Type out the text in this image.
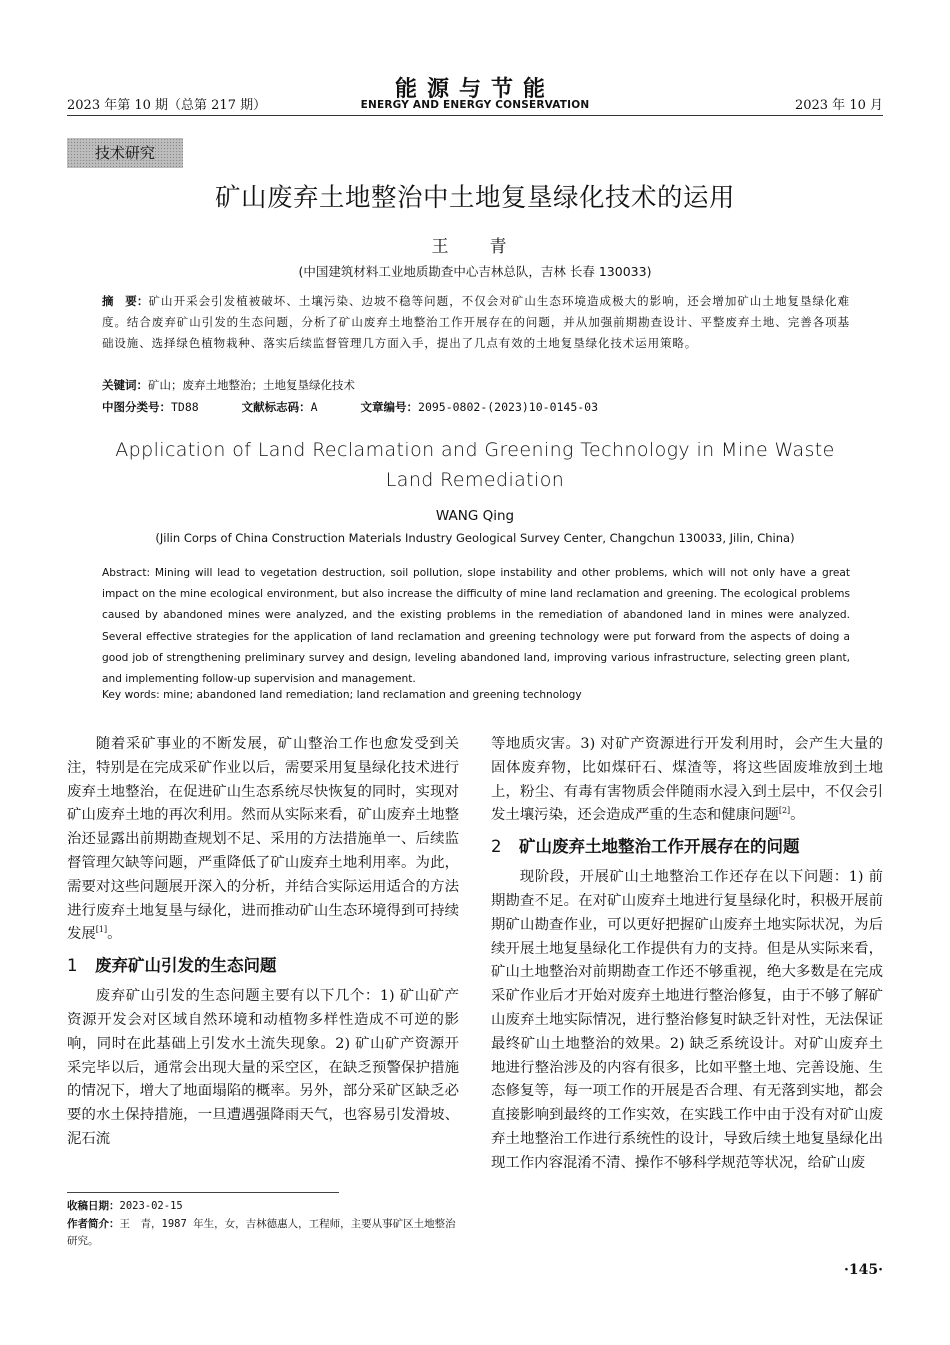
2023 年第 10 期（总第 217 期）
能源与节能
ENERGY AND ENERGY CONSERVATION	2023 年 10 月
技术研究
矿山废弃土地整治中土地复垦绿化技术的运用
王　青
(中国建筑材料工业地质勘查中心吉林总队，吉林 长春 130033)
摘　要：矿山开采会引发植被破坏、土壤污染、边坡不稳等问题，不仅会对矿山生态环境造成极大的影响，还会增加矿山土地复垦绿化难度。结合废弃矿山引发的生态问题，分析了矿山废弃土地整治工作开展存在的问题，并从加强前期勘查设计、平整废弃土地、完善各项基础设施、选择绿色植物栽种、落实后续监督管理几方面入手，提出了几点有效的土地复垦绿化技术运用策略。
关键词：矿山；废弃土地整治；土地复垦绿化技术
中图分类号：TD88	文献标志码：A	文章编号：2095-0802-(2023)10-0145-03
Application of Land Reclamation and Greening Technology in Mine Waste
Land Remediation
WANG Qing
(Jilin Corps of China Construction Materials Industry Geological Survey Center, Changchun 130033, Jilin, China)
Abstract: Mining will lead to vegetation destruction, soil pollution, slope instability and other problems, which will not only have a great impact on the mine ecological environment, but also increase the difficulty of mine land reclamation and greening. The ecological problems caused by abandoned mines were analyzed, and the existing problems in the remediation of abandoned land in mines were analyzed. Several effective strategies for the application of land reclamation and greening technology were put forward from the aspects of doing a good job of strengthening preliminary survey and design, leveling abandoned land, improving various infrastructure, selecting green plant, and implementing follow-up supervision and management.
Key words: mine; abandoned land remediation; land reclamation and greening technology

随着采矿事业的不断发展，矿山整治工作也愈发受到关注，特别是在完成采矿作业以后，需要采用复垦绿化技术进行废弃土地整治，在促进矿山生态系统尽快恢复的同时，实现对矿山废弃土地的再次利用。然而从实际来看，矿山废弃土地整治还显露出前期勘查规划不足、采用的方法措施单一、后续监督管理欠缺等问题，严重降低了矿山废弃土地利用率。为此，需要对这些问题展开深入的分析，并结合实际运用适合的方法进行废弃土地复垦与绿化，进而推动矿山生态环境得到可持续发展[1]。

1 废弃矿山引发的生态问题

废弃矿山引发的生态问题主要有以下几个：1) 矿山矿产资源开发会对区域自然环境和动植物多样性造成不可逆的影响，同时在此基础上引发水土流失现象。2) 矿山矿产资源开采完毕以后，通常会出现大量的采空区，在缺乏预警保护措施的情况下，增大了地面塌陷的概率。另外，部分采矿区缺乏必要的水土保持措施，一旦遭遇强降雨天气，也容易引发滑坡、泥石流

等地质灾害。3) 对矿产资源进行开发利用时，会产生大量的固体废弃物，比如煤矸石、煤渣等，将这些固废堆放到土地上，粉尘、有毒有害物质会伴随雨水浸入到土层中，不仅会引发土壤污染，还会造成严重的生态和健康问题[2]。

2 矿山废弃土地整治工作开展存在的问题

现阶段，开展矿山土地整治工作还存在以下问题：1) 前期勘查不足。在对矿山废弃土地进行复垦绿化时，积极开展前期矿山勘查作业，可以更好把握矿山废弃土地实际状况，为后续开展土地复垦绿化工作提供有力的支持。但是从实际来看，矿山土地整治对前期勘查工作还不够重视，绝大多数是在完成采矿作业后才开始对废弃土地进行整治修复，由于不够了解矿山废弃土地实际情况，进行整治修复时缺乏针对性，无法保证最终矿山土地整治的效果。2) 缺乏系统设计。对矿山废弃土地进行整治涉及的内容有很多，比如平整土地、完善设施、生态修复等，每一项工作的开展是否合理、有无落到实地，都会直接影响到最终的工作实效，在实践工作中由于没有对矿山废弃土地整治工作进行系统性的设计，导致后续土地复垦绿化出现工作内容混淆不清、操作不够科学规范等状况，给矿山废

收稿日期：2023-02-15
作者简介：王　青，1987 年生，女，吉林德惠人，工程师，主要从事矿区土地整治研究。
·145·
